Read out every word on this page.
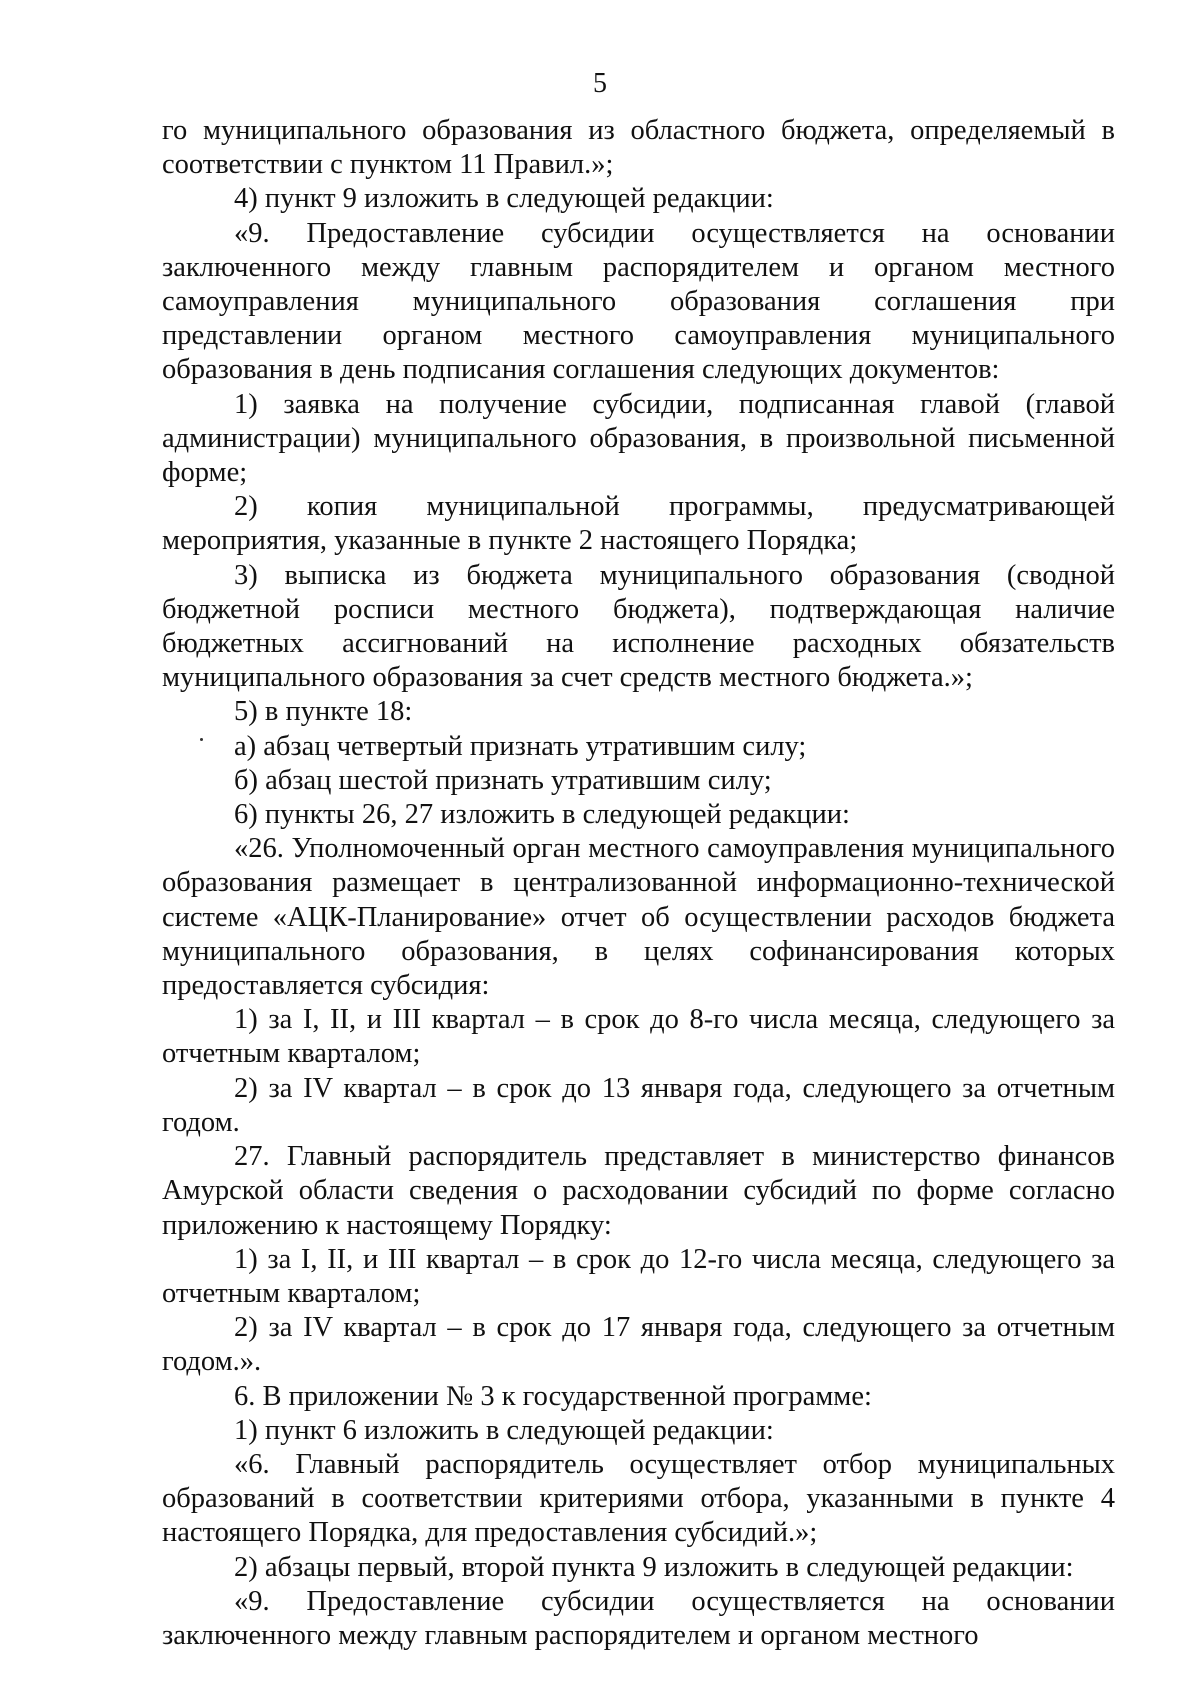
5

го муниципального образования из областного бюджета, определяемый в соответствии с пунктом 11 Правил.»;

4) пункт 9 изложить в следующей редакции:

«9. Предоставление субсидии осуществляется на основании заключенного между главным распорядителем и органом местного самоуправления муниципального образования соглашения при представлении органом местного самоуправления муниципального образования в день подписания соглашения следующих документов:

1) заявка на получение субсидии, подписанная главой (главой администрации) муниципального образования, в произвольной письменной форме;

2) копия муниципальной программы, предусматривающей мероприятия, указанные в пункте 2 настоящего Порядка;

3) выписка из бюджета муниципального образования (сводной бюджетной росписи местного бюджета), подтверждающая наличие бюджетных ассигнований на исполнение расходных обязательств муниципального образования за счет средств местного бюджета.»;

5) в пункте 18:

а) абзац четвертый признать утратившим силу;

б) абзац шестой признать утратившим силу;

6) пункты 26, 27 изложить в следующей редакции:

«26. Уполномоченный орган местного самоуправления муниципального образования размещает в централизованной информационно-технической системе «АЦК-Планирование» отчет об осуществлении расходов бюджета муниципального образования, в целях софинансирования которых предоставляется субсидия:

1) за I, II, и III квартал – в срок до 8-го числа месяца, следующего за отчетным кварталом;

2) за IV квартал – в срок до 13 января года, следующего за отчетным годом.

27. Главный распорядитель представляет в министерство финансов Амурской области сведения о расходовании субсидий по форме согласно приложению к настоящему Порядку:

1) за I, II, и III квартал – в срок до 12-го числа месяца, следующего за отчетным кварталом;

2) за IV квартал – в срок до 17 января года, следующего за отчетным годом.».

6. В приложении № 3 к государственной программе:

1) пункт 6 изложить в следующей редакции:

«6. Главный распорядитель осуществляет отбор муниципальных образований в соответствии критериями отбора, указанными в пункте 4 настоящего Порядка, для предоставления субсидий.»;

2) абзацы первый, второй пункта 9 изложить в следующей редакции:

«9. Предоставление субсидии осуществляется на основании заключенного между главным распорядителем и органом местного
